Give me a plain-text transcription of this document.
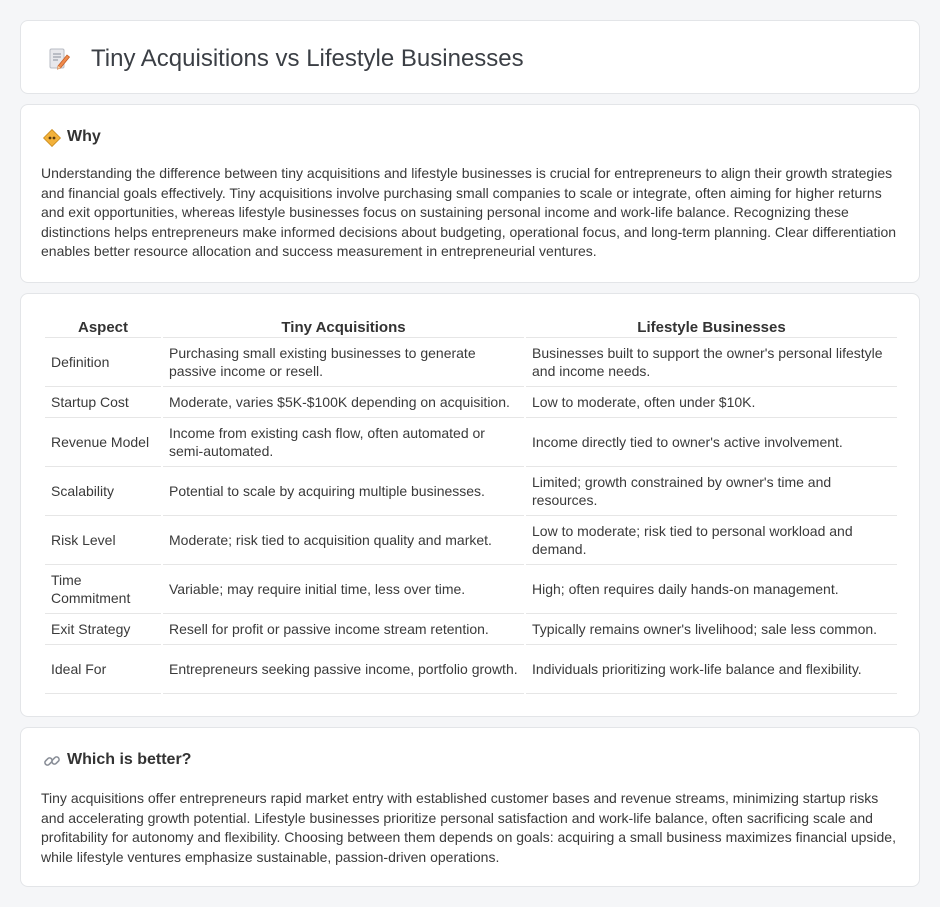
Tiny Acquisitions vs Lifestyle Businesses
Why

Understanding the difference between tiny acquisitions and lifestyle businesses is crucial for entrepreneurs to align their growth strategies and financial goals effectively. Tiny acquisitions involve purchasing small companies to scale or integrate, often aiming for higher returns and exit opportunities, whereas lifestyle businesses focus on sustaining personal income and work-life balance. Recognizing these distinctions helps entrepreneurs make informed decisions about budgeting, operational focus, and long-term planning. Clear differentiation enables better resource allocation and success measurement in entrepreneurial ventures.

Aspect	Tiny Acquisitions	Lifestyle Businesses
Definition	Purchasing small existing businesses to generate passive income or resell.	Businesses built to support the owner's personal lifestyle and income needs.
Startup Cost	Moderate, varies $5K-$100K depending on acquisition.	Low to moderate, often under $10K.
Revenue Model	Income from existing cash flow, often automated or semi-automated.	Income directly tied to owner's active involvement.
Scalability	Potential to scale by acquiring multiple businesses.	Limited; growth constrained by owner's time and resources.
Risk Level	Moderate; risk tied to acquisition quality and market.	Low to moderate; risk tied to personal workload and demand.
Time Commitment	Variable; may require initial time, less over time.	High; often requires daily hands-on management.
Exit Strategy	Resell for profit or passive income stream retention.	Typically remains owner's livelihood; sale less common.
Ideal For	Entrepreneurs seeking passive income, portfolio growth.	Individuals prioritizing work-life balance and flexibility.
Which is better?

Tiny acquisitions offer entrepreneurs rapid market entry with established customer bases and revenue streams, minimizing startup risks and accelerating growth potential. Lifestyle businesses prioritize personal satisfaction and work-life balance, often sacrificing scale and profitability for autonomy and flexibility. Choosing between them depends on goals: acquiring a small business maximizes financial upside, while lifestyle ventures emphasize sustainable, passion-driven operations.
